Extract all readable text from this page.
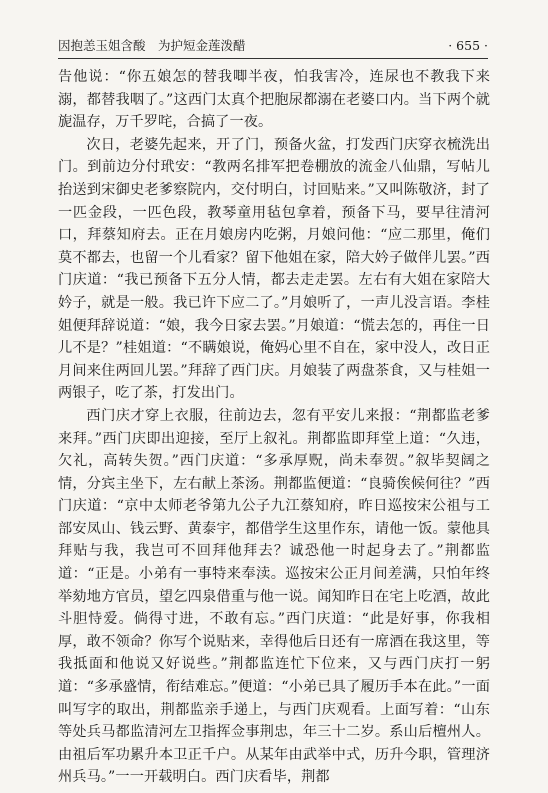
因抱恙玉姐含酸　为护短金莲泼醋	· 655 ·

告他说：“你五娘怎的替我唧半夜，怕我害冷，连尿也不教我下来溺，都替我咽了。”这西门太真个把胞尿都溺在老婆口内。当下两个就旎温存，万千罗咤，合搞了一夜。

次日，老婆先起来，开了门，预备火盆，打发西门庆穿衣梳洗出门。到前边分付玳安：“教两名排军把卷棚放的流金八仙鼎，写帖儿抬送到宋御史老爹察院内，交付明白，讨回贴来。”又叫陈敬济，封了一匹金段，一匹色段，教琴童用毡包拿着，预备下马，要早往清河口，拜蔡知府去。正在月娘房内吃粥，月娘问他：“应二那里，俺们莫不都去，也留一个儿看家？留下他姐在家，陪大妗子做伴儿罢。”西门庆道：“我已预备下五分人情，都去走走罢。左右有大姐在家陪大妗子，就是一般。我已许下应二了。”月娘听了，一声儿没言语。李桂姐便拜辞说道：“娘，我今日家去罢。”月娘道：“慌去怎的，再住一日儿不是？”桂姐道：“不瞒娘说，俺妈心里不自在，家中没人，改日正月间来住两回儿罢。”拜辞了西门庆。月娘装了两盘茶食，又与桂姐一两银子，吃了茶，打发出门。

西门庆才穿上衣服，往前边去，忽有平安儿来报：“荆都监老爹来拜。”西门庆即出迎接，至厅上叙礼。荆都监即拜堂上道：“久违，欠礼，高转失贺。”西门庆道：“多承厚贶，尚未奉贺。”叙毕契阔之情，分宾主坐下，左右献上茶汤。荆都监便道：“良骑俟候何往？”西门庆道：“京中太师老爷第九公子九江蔡知府，昨日巡按宋公祖与工部安凤山、钱云野、黄泰宇，都借学生这里作东，请他一饭。蒙他具拜贴与我，我岂可不回拜他拜去？诚恐他一时起身去了。”荆都监道：“正是。小弟有一事特来奉渎。巡按宋公正月间差满，只怕年终举劾地方官员，望乞四泉借重与他一说。闻知昨日在宅上吃酒，故此斗胆恃爱。倘得寸进，不敢有忘。”西门庆道：“此是好事，你我相厚，敢不领命？你写个说贴来，幸得他后日还有一席酒在我这里，等我抵面和他说又好说些。”荆都监连忙下位来，又与西门庆打一躬道：“多承盛情，衔结难忘。”便道：“小弟已具了履历手本在此。”一面叫写字的取出，荆都监亲手递上，与西门庆观看。上面写着：“山东等处兵马都监清河左卫指挥佥事荆忠，年三十二岁。系山后檀州人。由祖后军功累升本卫正千户。从某年由武举中式，历升今职，管理济州兵马。”一一开载明白。西门庆看毕，荆都
